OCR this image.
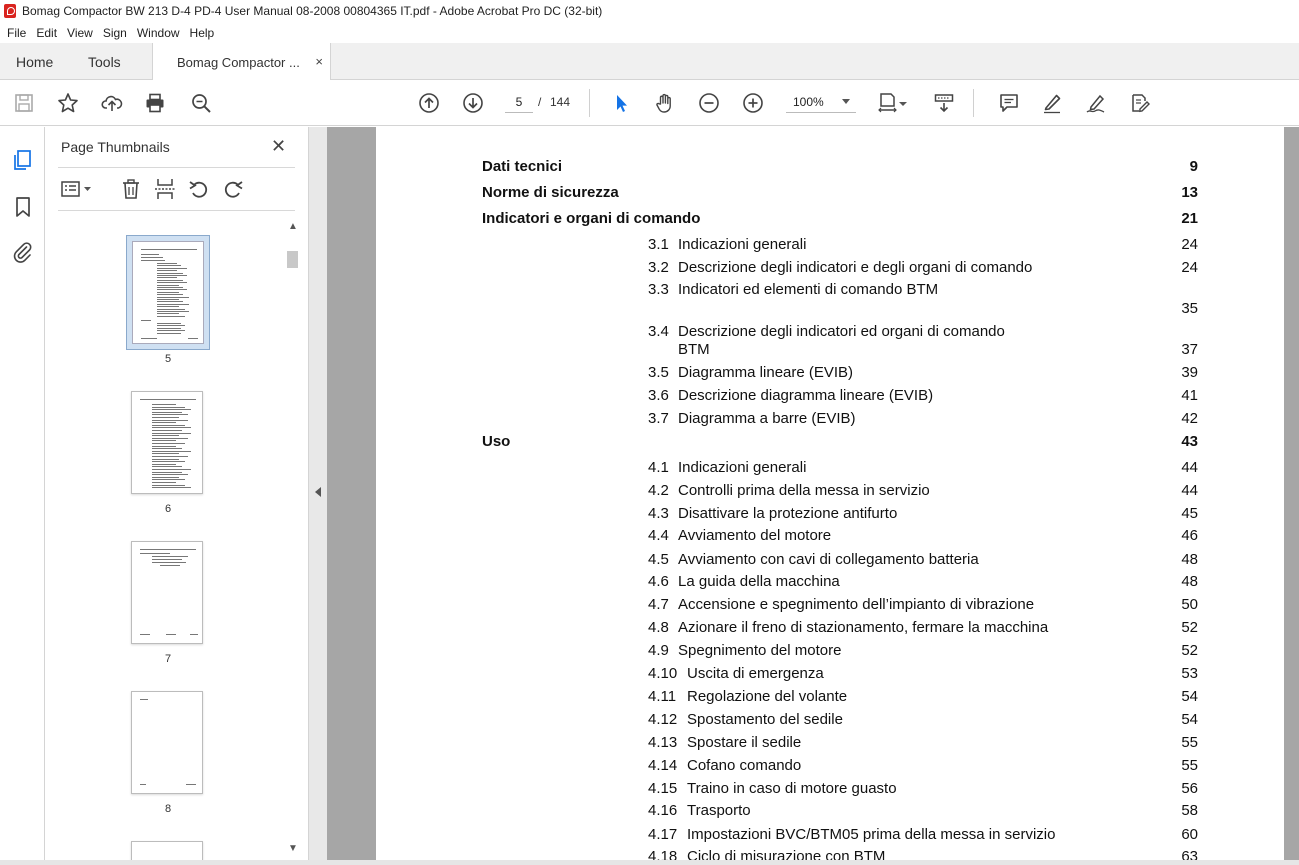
Bomag Compactor BW 213 D-4 PD-4 User Manual 08-2008 00804365 IT.pdf - Adobe Acrobat Pro DC (32-bit)
File Edit View Sign Window Help
Home Tools	Bomag Compactor ... ×
5
/ 144	100%
Page Thumbnails	✕
5
6
7
8
▲
▼
Dati tecnici	9
Norme di sicurezza	13
Indicatori e organi di comando	21
3.1 Indicazioni generali	24
3.2 Descrizione degli indicatori e degli organi di comando	24
3.3 Indicatori ed elementi di comando BTM
35
3.4 Descrizione degli indicatori ed organi di comando
BTM	37
3.5 Diagramma lineare (EVIB)	39
3.6 Descrizione diagramma lineare (EVIB)	41
3.7 Diagramma a barre (EVIB)	42
Uso	43
4.1 Indicazioni generali	44
4.2 Controlli prima della messa in servizio	44
4.3 Disattivare la protezione antifurto	45
4.4 Avviamento del motore	46
4.5 Avviamento con cavi di collegamento batteria	48
4.6 La guida della macchina	48
4.7 Accensione e spegnimento dell’impianto di vibrazione	50
4.8 Azionare il freno di stazionamento, fermare la macchina	52
4.9 Spegnimento del motore	52
4.10 Uscita di emergenza	53
4.11 Regolazione del volante	54
4.12 Spostamento del sedile	54
4.13 Spostare il sedile	55
4.14 Cofano comando	55
4.15 Traino in caso di motore guasto	56
4.16 Trasporto	58
4.17 Impostazioni BVC/BTM05 prima della messa in servizio	60
4.18 Ciclo di misurazione con BTM	63
